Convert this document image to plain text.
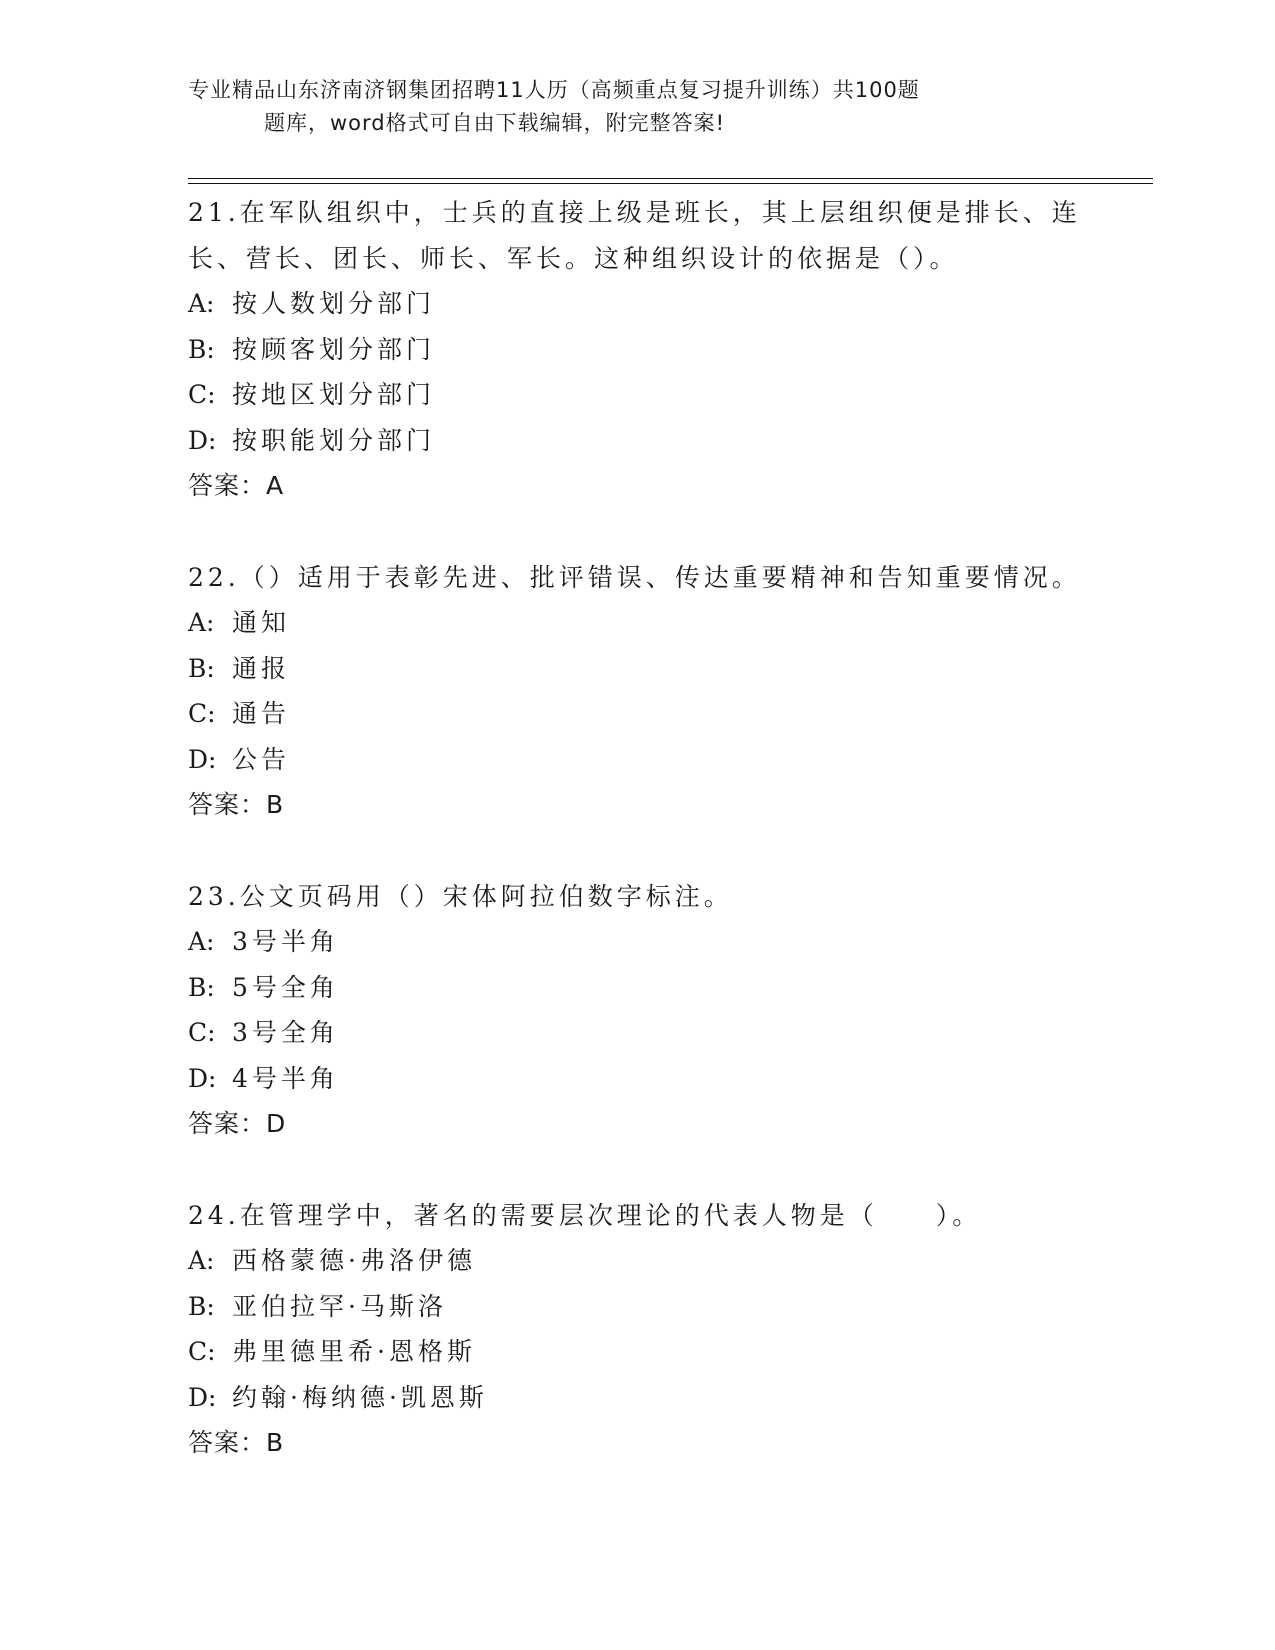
专业精品山东济南济钢集团招聘11人历（高频重点复习提升训练）共100题
题库，word格式可自由下载编辑，附完整答案!
21.在军队组织中，士兵的直接上级是班长，其上层组织便是排长、连长、营长、团长、师长、军长。这种组织设计的依据是（）。
A: 按人数划分部门
B: 按顾客划分部门
C: 按地区划分部门
D: 按职能划分部门
答案：A
22.（）适用于表彰先进、批评错误、传达重要精神和告知重要情况。
A: 通知
B: 通报
C: 通告
D: 公告
答案：B
23.公文页码用（）宋体阿拉伯数字标注。
A: 3号半角
B: 5号全角
C: 3号全角
D: 4号半角
答案：D
24.在管理学中，著名的需要层次理论的代表人物是（　　）。
A: 西格蒙德·弗洛伊德
B: 亚伯拉罕·马斯洛
C: 弗里德里希·恩格斯
D: 约翰·梅纳德·凯恩斯
答案：B
